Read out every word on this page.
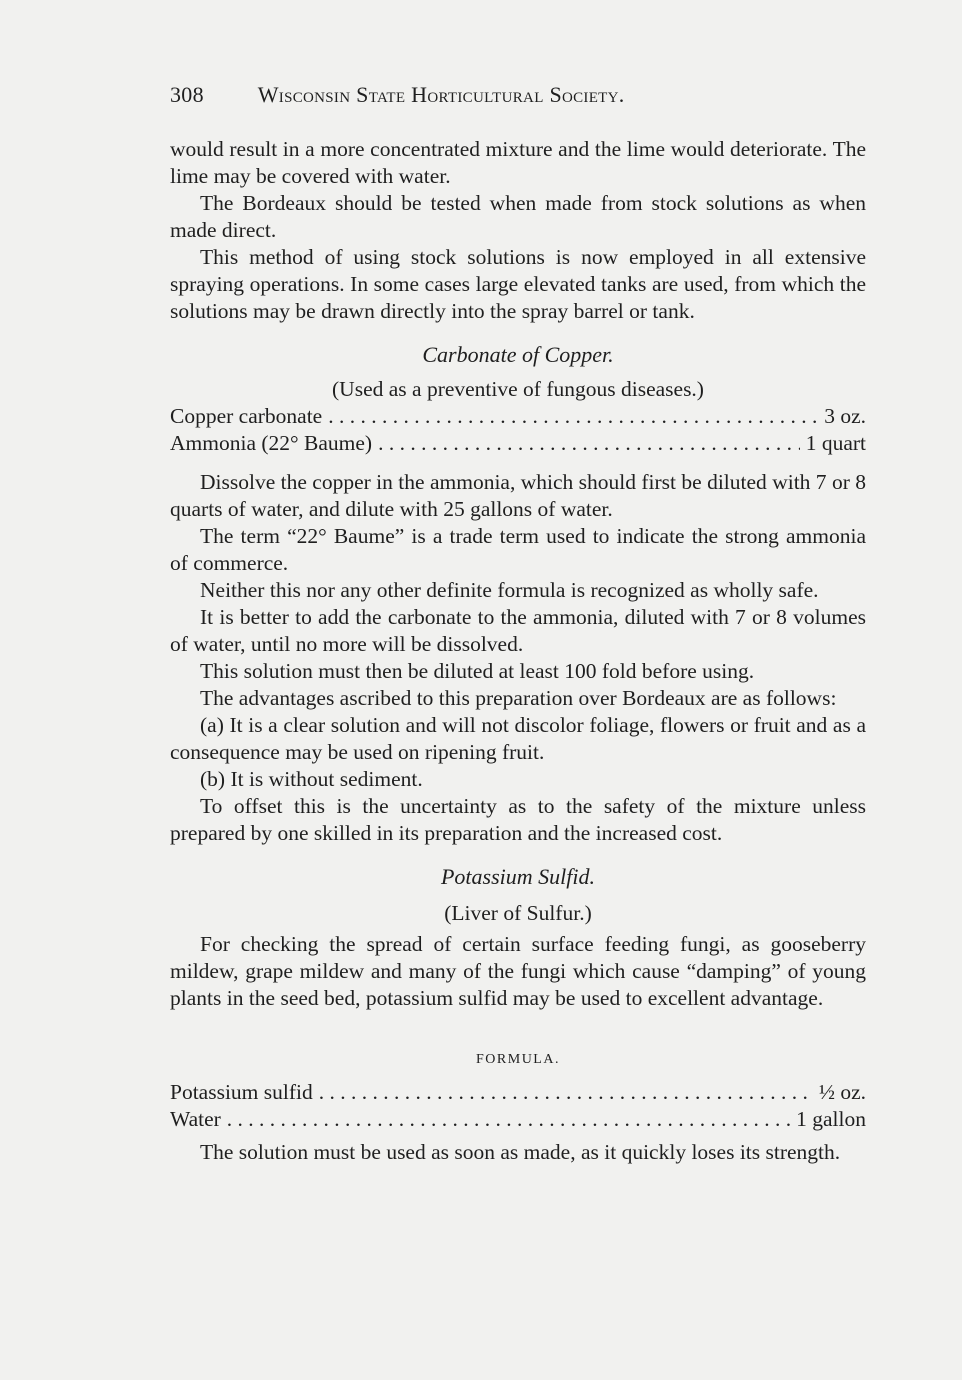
308 Wisconsin State Horticultural Society.

would result in a more concentrated mixture and the lime would deteriorate. The lime may be covered with water.

The Bordeaux should be tested when made from stock solutions as when made direct.

This method of using stock solutions is now employed in all extensive spraying operations. In some cases large elevated tanks are used, from which the solutions may be drawn directly into the spray barrel or tank.

Carbonate of Copper.
(Used as a preventive of fungous diseases.)
Copper carbonate . . .	3 oz.
Ammonia (22° Baume) . . .	1 quart

Dissolve the copper in the ammonia, which should first be diluted with 7 or 8 quarts of water, and dilute with 25 gallons of water.

The term “22° Baume” is a trade term used to indicate the strong ammonia of commerce.

Neither this nor any other definite formula is recognized as wholly safe.

It is better to add the carbonate to the ammonia, diluted with 7 or 8 volumes of water, until no more will be dissolved.

This solution must then be diluted at least 100 fold before using.

The advantages ascribed to this preparation over Bordeaux are as follows:

(a) It is a clear solution and will not discolor foliage, flowers or fruit and as a consequence may be used on ripening fruit.

(b) It is without sediment.

To offset this is the uncertainty as to the safety of the mixture unless prepared by one skilled in its preparation and the increased cost.

Potassium Sulfid.
(Liver of Sulfur.)

For checking the spread of certain surface feeding fungi, as gooseberry mildew, grape mildew and many of the fungi which cause “damping” of young plants in the seed bed, potassium sulfid may be used to excellent advantage.

FORMULA.
Potassium sulfid . . .	½ oz.
Water . . .	1 gallon

The solution must be used as soon as made, as it quickly loses its strength.
